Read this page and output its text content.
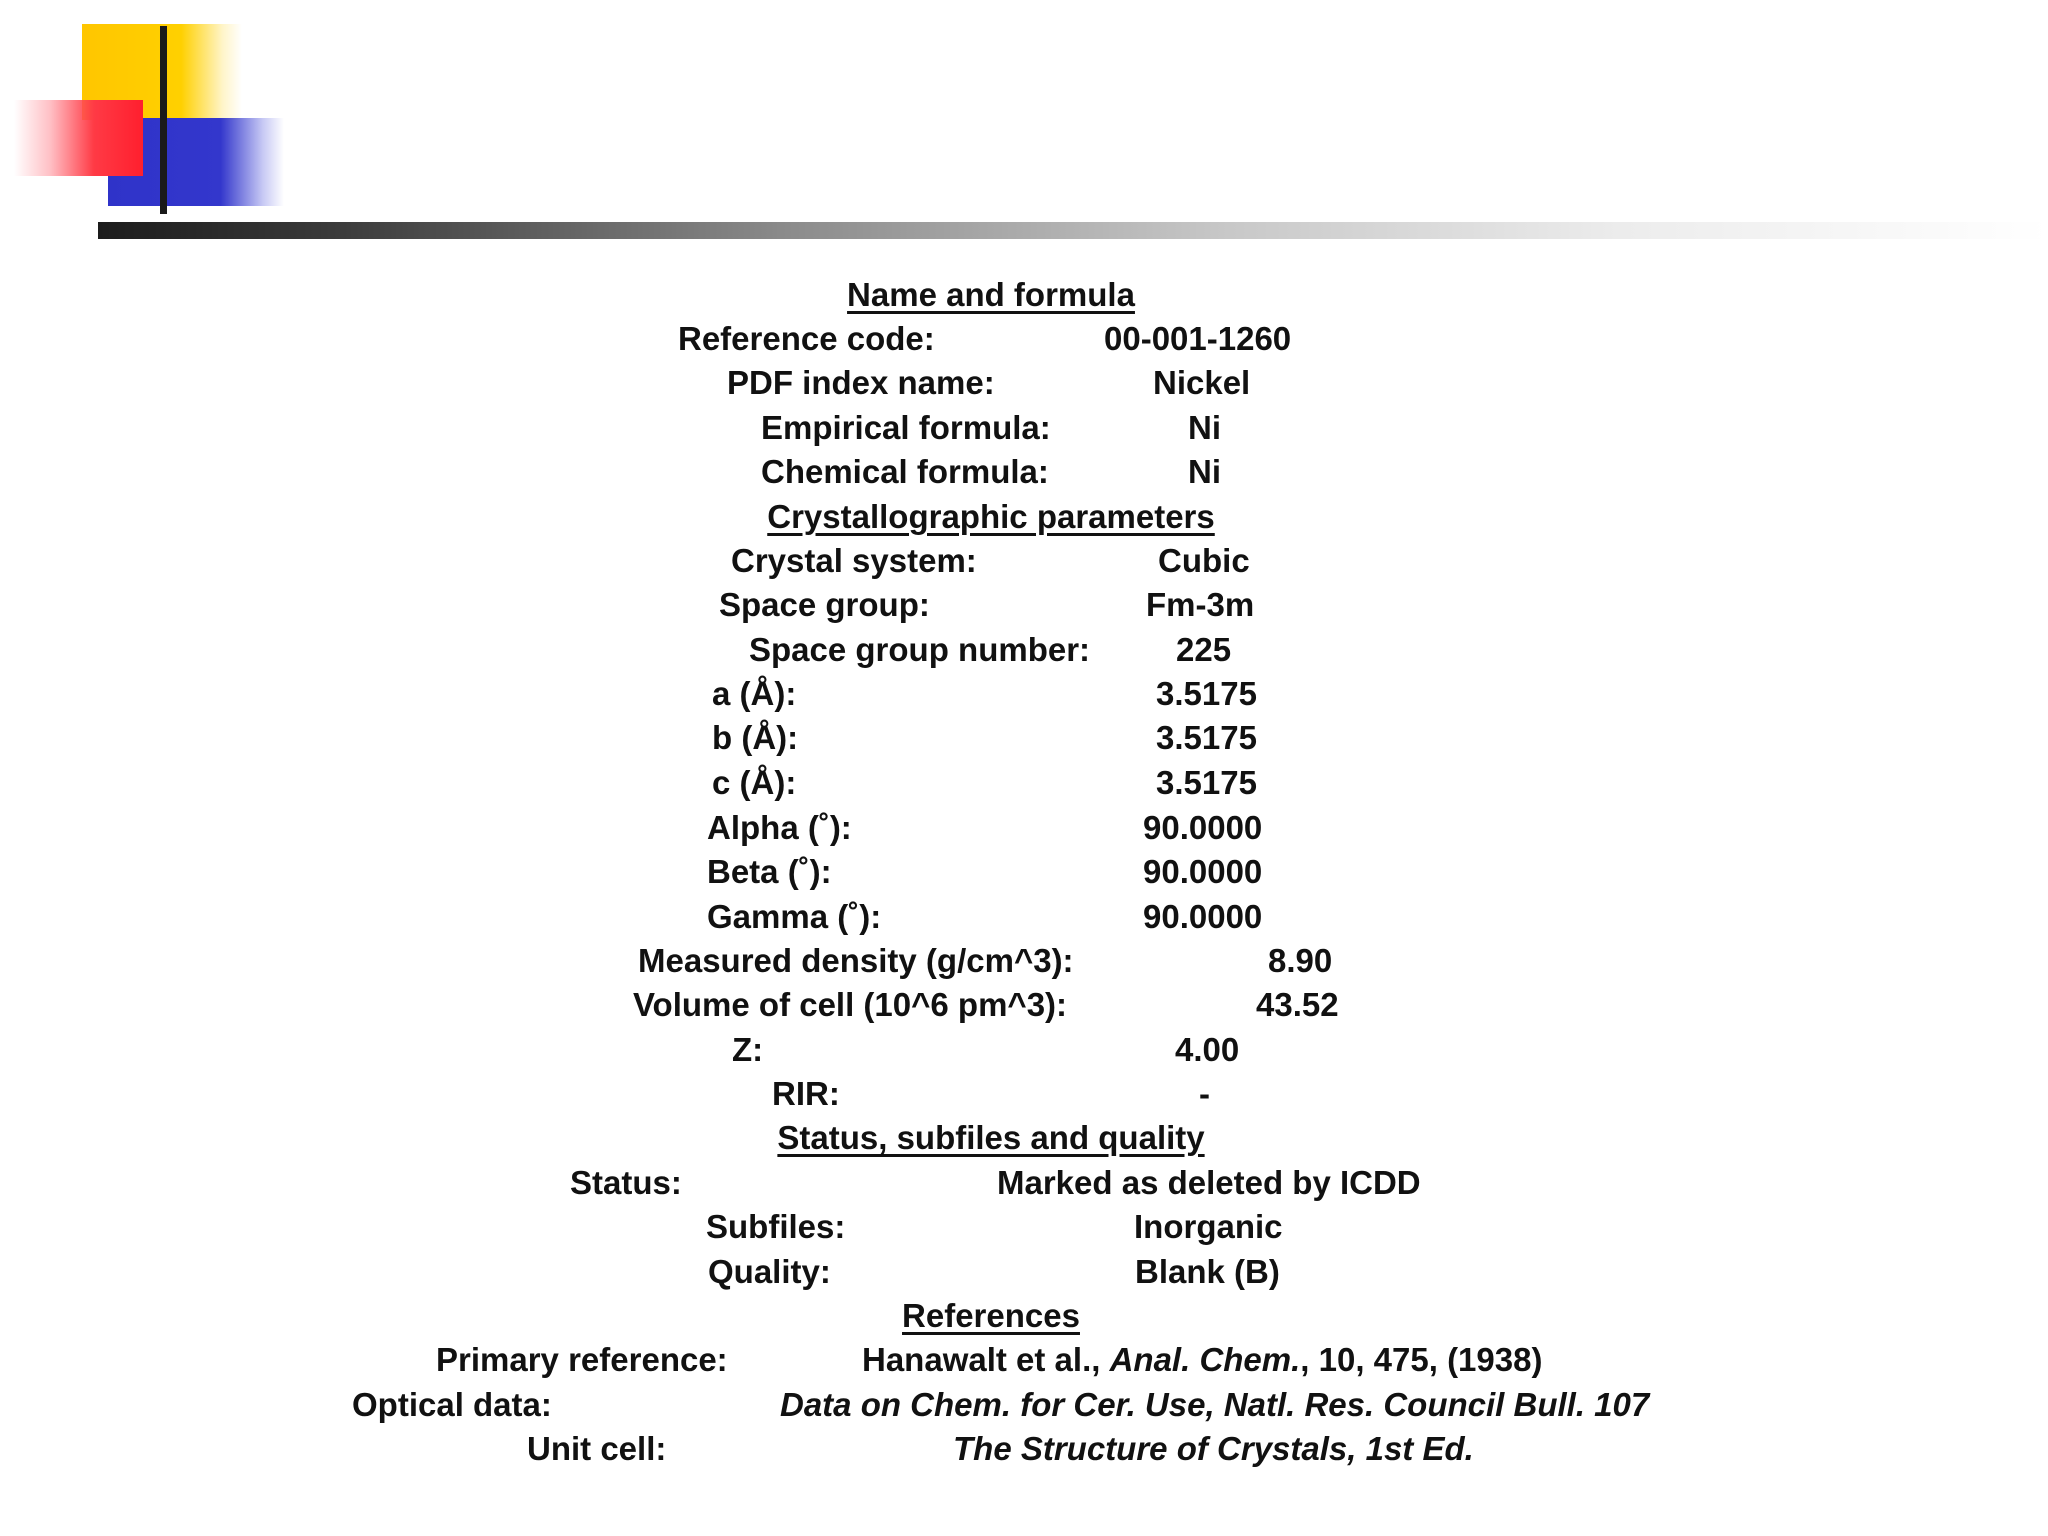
Name and formula
Reference code:	00-001-1260
PDF index name:	Nickel
Empirical formula:	Ni
Chemical formula:	Ni
Crystallographic parameters
Crystal system:	Cubic
Space group:	Fm-3m
Space group number:	225
a (Å):	3.5175
b (Å):	3.5175
c (Å):	3.5175
Alpha (˚):	90.0000
Beta (˚):	90.0000
Gamma (˚):	90.0000
Measured density (g/cm^3):	8.90
Volume of cell (10^6 pm^3):	43.52
Z:	4.00
RIR:	-
Status, subfiles and quality
Status:	Marked as deleted by ICDD
Subfiles:	Inorganic
Quality:	Blank (B)
References
Primary reference:	Hanawalt et al., Anal. Chem., 10, 475, (1938)
Optical data:	Data on Chem. for Cer. Use, Natl. Res. Council Bull. 107
Unit cell:	The Structure of Crystals, 1st Ed.
